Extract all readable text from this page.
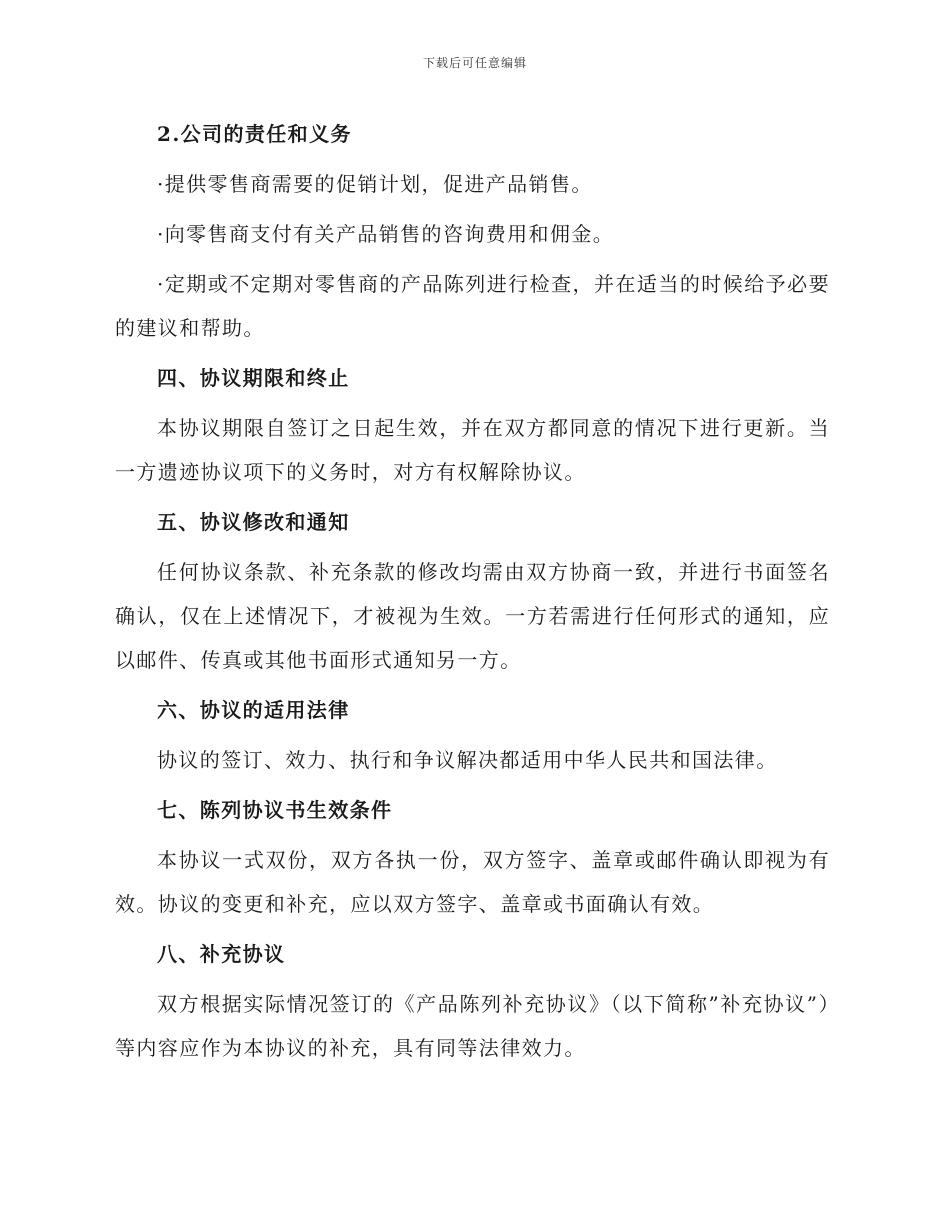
下载后可任意编辑

2.公司的责任和义务

·提供零售商需要的促销计划，促进产品销售。

·向零售商支付有关产品销售的咨询费用和佣金。

·定期或不定期对零售商的产品陈列进行检查，并在适当的时候给予必要的建议和帮助。

四、协议期限和终止

本协议期限自签订之日起生效，并在双方都同意的情况下进行更新。当一方遗迹协议项下的义务时，对方有权解除协议。

五、协议修改和通知

任何协议条款、补充条款的修改均需由双方协商一致，并进行书面签名确认，仅在上述情况下，才被视为生效。一方若需进行任何形式的通知，应以邮件、传真或其他书面形式通知另一方。

六、协议的适用法律

协议的签订、效力、执行和争议解决都适用中华人民共和国法律。

七、陈列协议书生效条件

本协议一式双份，双方各执一份，双方签字、盖章或邮件确认即视为有效。协议的变更和补充，应以双方签字、盖章或书面确认有效。

八、补充协议

双方根据实际情况签订的《产品陈列补充协议》（以下简称”补充协议”）等内容应作为本协议的补充，具有同等法律效力。
